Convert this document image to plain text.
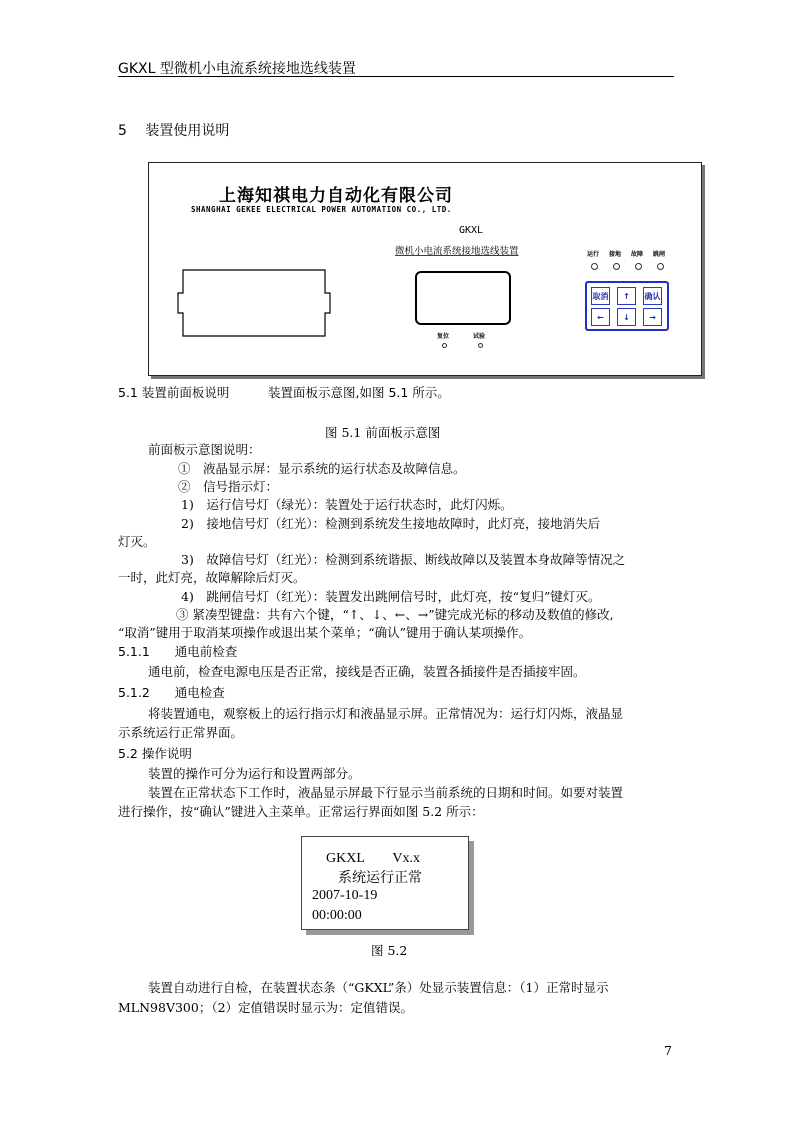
GKXL 型微机小电流系统接地选线装置
5　 装置使用说明
上海知祺电力自动化有限公司
SHANGHAI GEKEE ELECTRICAL POWER AUTOMATION CO., LTD.
GKXL
微机小电流系统接地选线装置	运行 接地 故障 跳闸
取消	↑	确认
←	↓	→
复位	试验
5.1 装置前面板说明	装置面板示意图,如图 5.1 所示。
图 5.1 前面板示意图
前面板示意图说明：
①　液晶显示屏：显示系统的运行状态及故障信息。
②　信号指示灯：
1)　运行信号灯（绿光）：装置处于运行状态时，此灯闪烁。
2)　接地信号灯（红光）：检测到系统发生接地故障时，此灯亮，接地消失后
灯灭。
3)　故障信号灯（红光）：检测到系统谐振、断线故障以及装置本身故障等情况之
一时，此灯亮，故障解除后灯灭。
4)　跳闸信号灯（红光）：装置发出跳闸信号时，此灯亮，按“复归”键灯灭。
③ 紧凑型键盘：共有六个键，“↑、↓、←、→”键完成光标的移动及数值的修改,
“取消”键用于取消某项操作或退出某个菜单；“确认”键用于确认某项操作。
5.1.1　　通电前检查
通电前，检查电源电压是否正常，接线是否正确，装置各插接件是否插接牢固。
5.1.2　　通电检查
将装置通电，观察板上的运行指示灯和液晶显示屏。正常情况为：运行灯闪烁，液晶显
示系统运行正常界面。
5.2 操作说明
装置的操作可分为运行和设置两部分。
装置在正常状态下工作时，液晶显示屏最下行显示当前系统的日期和时间。如要对装置
进行操作，按“确认”键进入主菜单。正常运行界面如图 5.2 所示：
GKXL　　Vx.x
系统运行正常
2007-10-19
00:00:00
图 5.2
装置自动进行自检，在装置状态条（“GKXL”条）处显示装置信息：（1）正常时显示
MLN98V300；（2）定值错误时显示为：定值错误。
7
